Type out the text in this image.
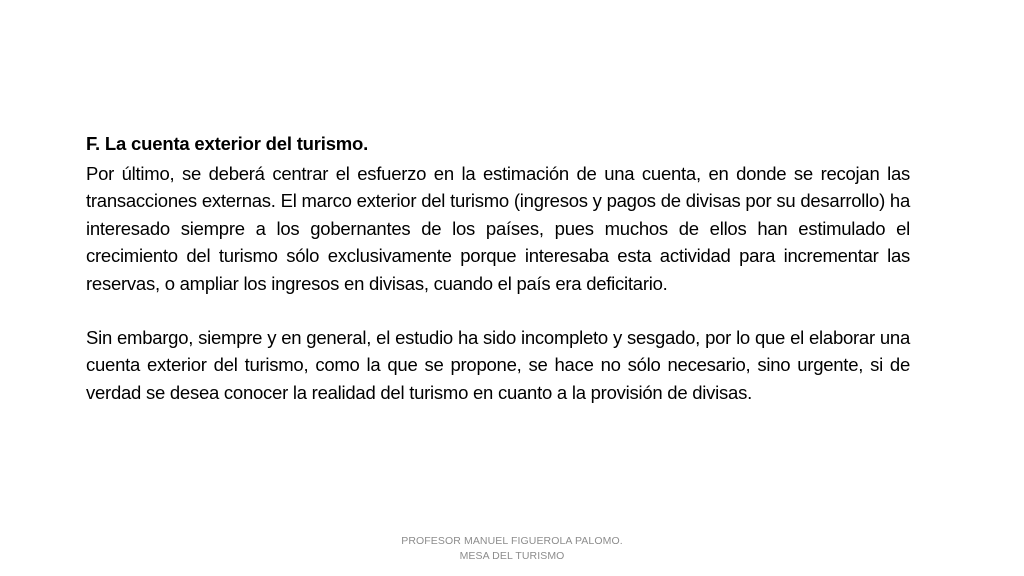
F. La cuenta exterior del turismo.

Por último, se deberá centrar el esfuerzo en la estimación de una cuenta, en donde se recojan las transacciones externas. El marco exterior del turismo (ingresos y pagos de divisas por su desarrollo) ha interesado siempre a los gobernantes de los países, pues muchos de ellos han estimulado el crecimiento del turismo sólo exclusivamente porque interesaba esta actividad para incrementar las reservas, o ampliar los ingresos en divisas, cuando el país era deficitario.

Sin embargo, siempre y en general, el estudio ha sido incompleto y sesgado, por lo que el elaborar una cuenta exterior del turismo, como la que se propone, se hace no sólo necesario, sino urgente, si de verdad se desea conocer la realidad del turismo en cuanto a la provisión de divisas.

PROFESOR MANUEL FIGUEROLA PALOMO.
MESA DEL TURISMO
